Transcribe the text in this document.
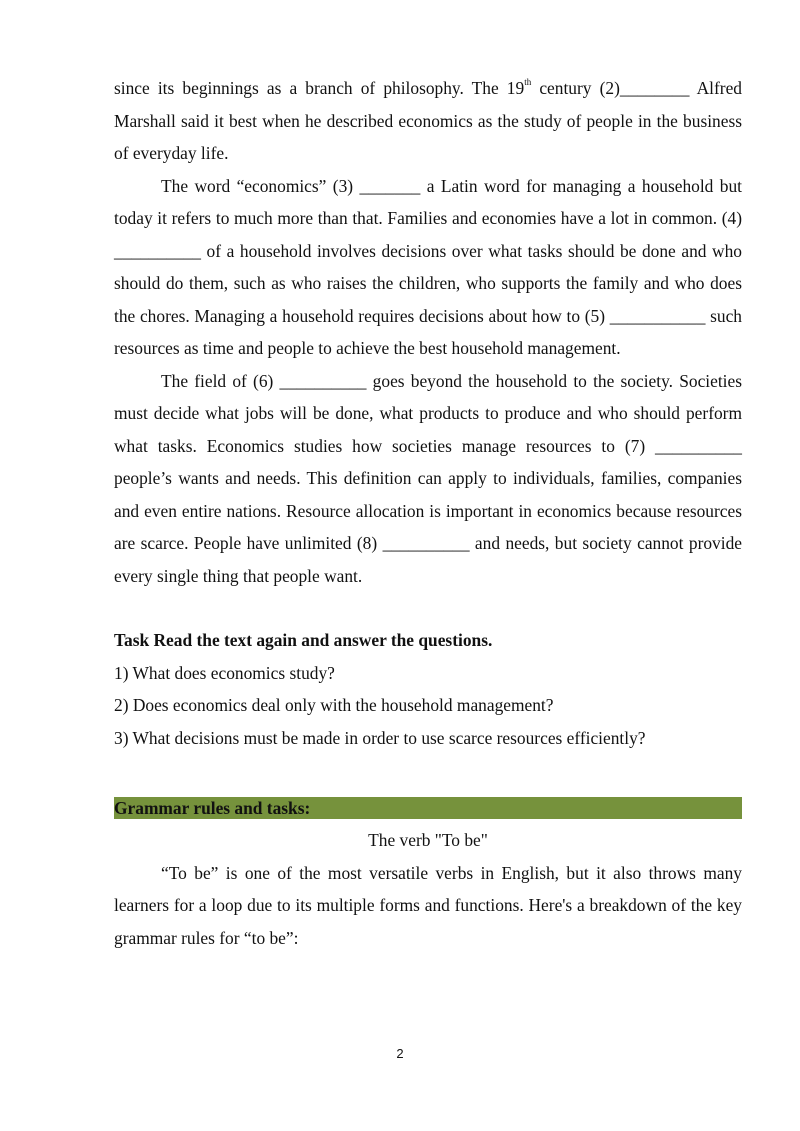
since its beginnings as a branch of philosophy. The 19th century (2)________ Alfred Marshall said it best when he described economics as the study of people in the business of everyday life.

The word “economics” (3) _______ a Latin word for managing a household but today it refers to much more than that. Families and economies have a lot in common. (4) __________ of a household involves decisions over what tasks should be done and who should do them, such as who raises the children, who supports the family and who does the chores. Managing a household requires decisions about how to (5) ___________ such resources as time and people to achieve the best household management.

The field of (6) __________ goes beyond the household to the society. Societies must decide what jobs will be done, what products to produce and who should perform what tasks. Economics studies how societies manage resources to (7) __________ people’s wants and needs. This definition can apply to individuals, families, companies and even entire nations. Resource allocation is important in economics because resources are scarce. People have unlimited (8) __________ and needs, but society cannot provide every single thing that people want.

Task Read the text again and answer the questions.

1) What does economics study?

2) Does economics deal only with the household management?

3) What decisions must be made in order to use scarce resources efficiently?

Grammar rules and tasks:

The verb "To be"

“To be” is one of the most versatile verbs in English, but it also throws many learners for a loop due to its multiple forms and functions. Here's a breakdown of the key grammar rules for “to be”:

2
